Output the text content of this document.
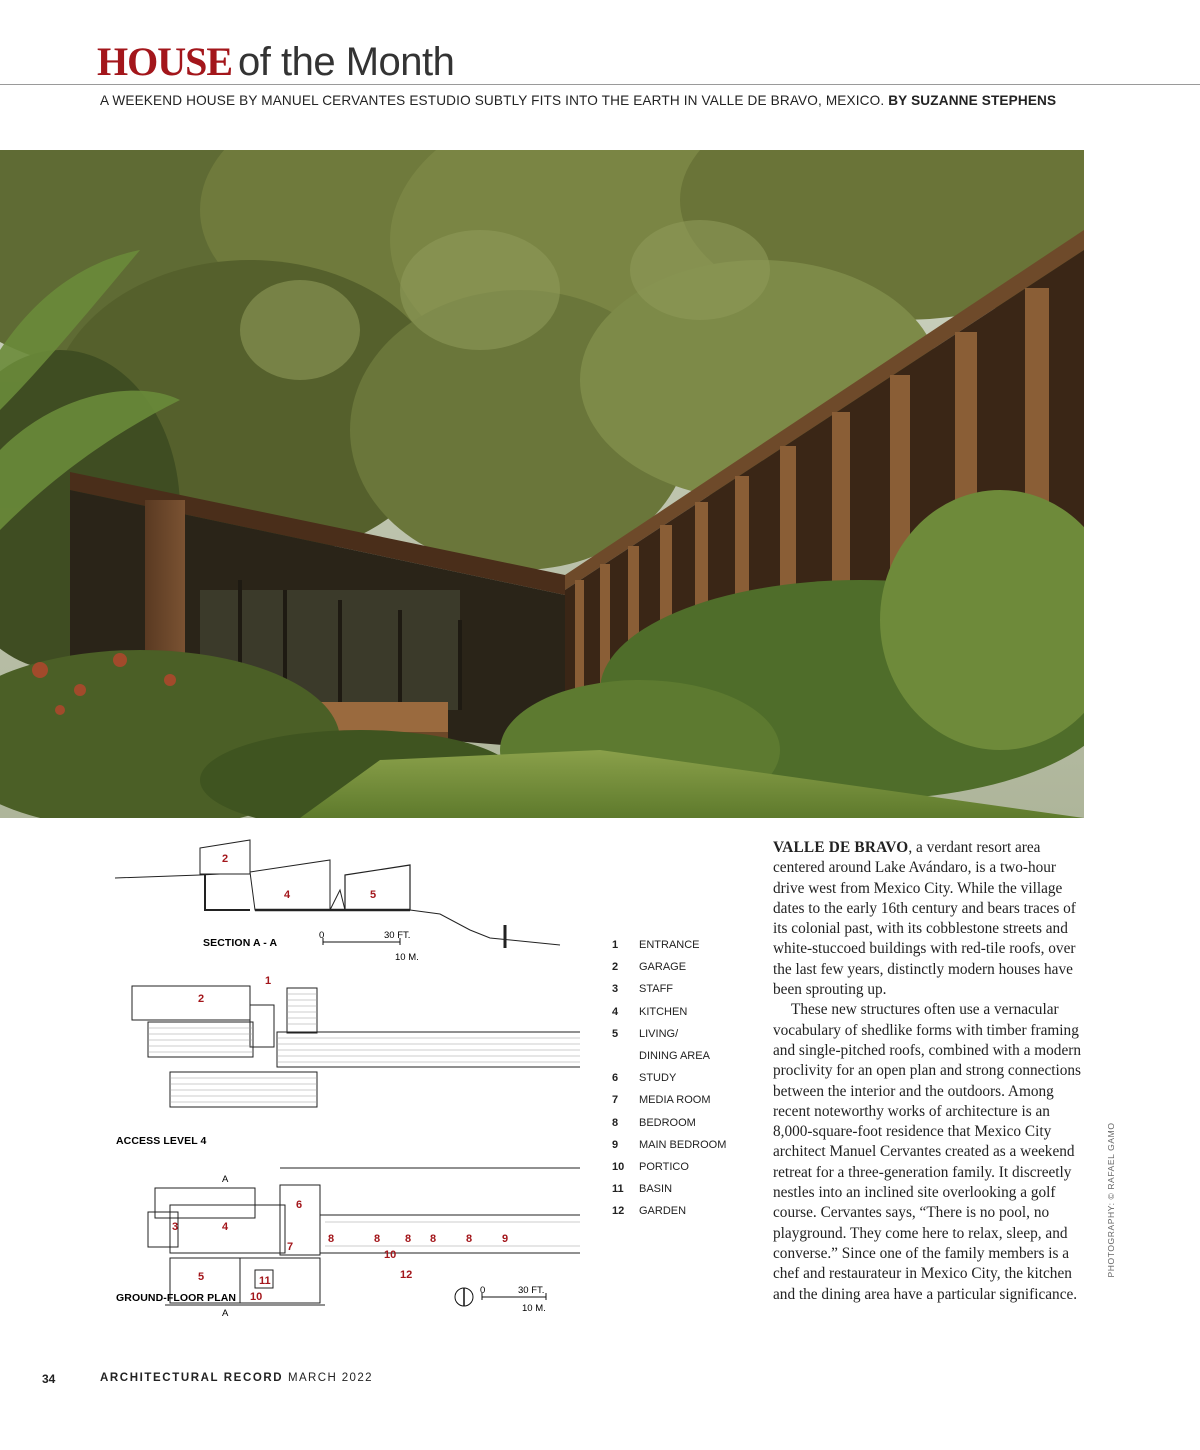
HOUSE of the Month
A WEEKEND HOUSE BY MANUEL CERVANTES ESTUDIO SUBTLY FITS INTO THE EARTH IN VALLE DE BRAVO, MEXICO. BY SUZANNE STEPHENS
PHOTOGRAPHY: © RAFAEL GAMO
2
4	5
0	30 FT.
10 M.
SECTION A - A
1
2
ACCESS LEVEL 4
3	4
5
6
7
8	8 8 8	8	9
10
10
11	12
A
A
0	30 FT.
10 M.
GROUND-FLOOR PLAN
1	ENTRANCE
2	GARAGE
3	STAFF
4	KITCHEN
5	LIVING/
DINING AREA
6	STUDY
7	MEDIA ROOM
8	BEDROOM
9	MAIN BEDROOM
10	PORTICO
11	BASIN
12	GARDEN

VALLE DE BRAVO, a verdant resort area centered around Lake Avándaro, is a two-hour drive west from Mexico City. While the village dates to the early 16th century and bears traces of its colonial past, with its cobblestone streets and white-stuccoed buildings with red-tile roofs, over the last few years, distinctly modern houses have been sprouting up.

These new structures often use a vernacular vocabulary of shedlike forms with timber framing and single-pitched roofs, combined with a modern proclivity for an open plan and strong connections between the interior and the outdoors. Among recent noteworthy works of architecture is an 8,000-square-foot residence that Mexico City architect Manuel Cervantes created as a weekend retreat for a three-generation family. It discreetly nestles into an inclined site overlooking a golf course. Cervantes says, “There is no pool, no playground. They come here to relax, sleep, and converse.” Since one of the family members is a chef and restaurateur in Mexico City, the kitchen and the dining area have a particular significance.

34	ARCHITECTURAL RECORD MARCH 2022
